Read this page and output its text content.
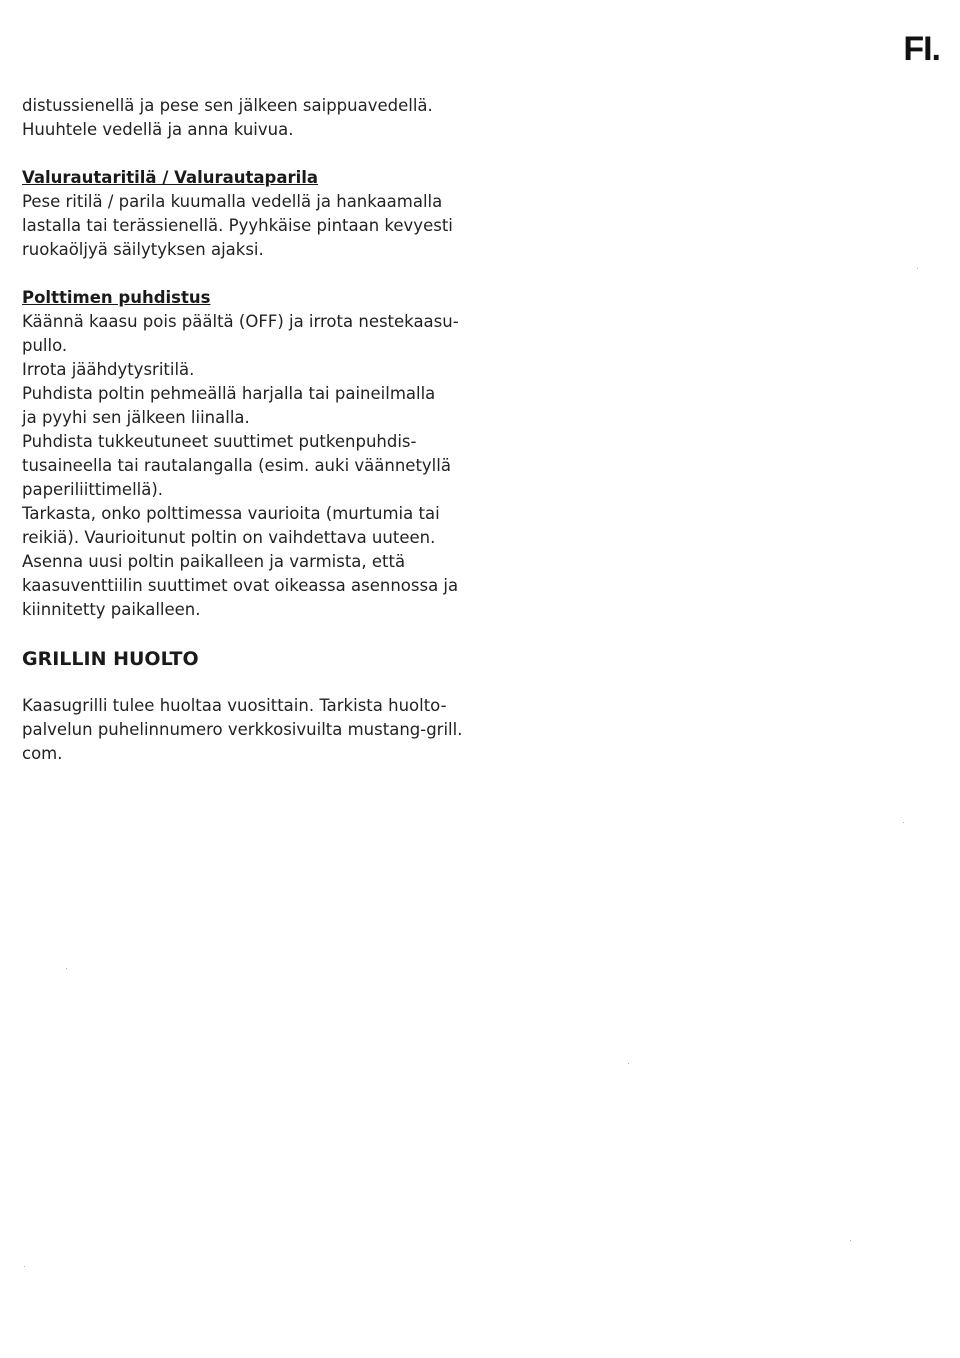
FI.

distussienellä ja pese sen jälkeen saippuavedellä.
Huuhtele vedellä ja anna kuivua.

Valurautaritilä / Valurautaparila

Pese ritilä / parila kuumalla vedellä ja hankaamalla
lastalla tai terässienellä. Pyyhkäise pintaan kevyesti
ruokaöljyä säilytyksen ajaksi.

Polttimen puhdistus

Käännä kaasu pois päältä (OFF) ja irrota nestekaasu-
pullo.
Irrota jäähdytysritilä.
Puhdista poltin pehmeällä harjalla tai paineilmalla
ja pyyhi sen jälkeen liinalla.
Puhdista tukkeutuneet suuttimet putkenpuhdis-
tusaineella tai rautalangalla (esim. auki väännetyllä
paperiliittimellä).
Tarkasta, onko polttimessa vaurioita (murtumia tai
reikiä). Vaurioitunut poltin on vaihdettava uuteen.
Asenna uusi poltin paikalleen ja varmista, että
kaasuventtiilin suuttimet ovat oikeassa asennossa ja
kiinnitetty paikalleen.

GRILLIN HUOLTO

Kaasugrilli tulee huoltaa vuosittain. Tarkista huolto-
palvelun puhelinnumero verkkosivuilta mustang-grill.
com.
